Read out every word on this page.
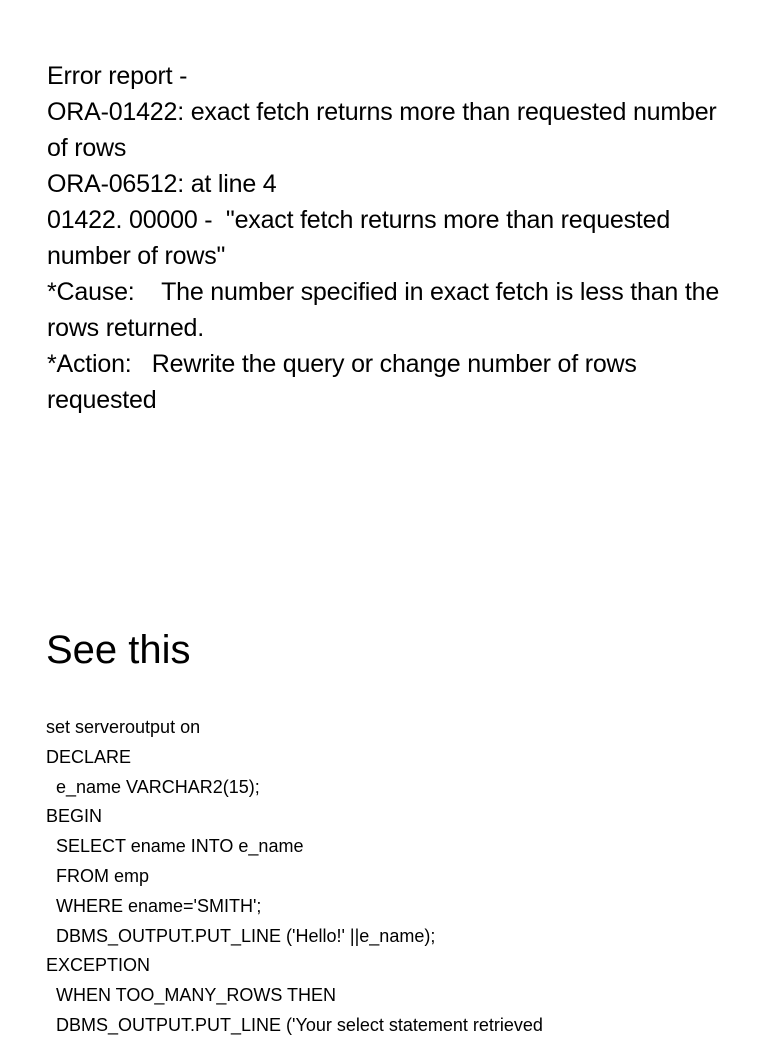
Error report -
ORA-01422: exact fetch returns more than requested number of rows
ORA-06512: at line 4
01422. 00000 -  "exact fetch returns more than requested number of rows"
*Cause:    The number specified in exact fetch is less than the rows returned.
*Action:   Rewrite the query or change number of rows requested
See this
set serveroutput on
DECLARE
e_name VARCHAR2(15);
BEGIN
SELECT ename INTO e_name
FROM emp
WHERE ename='SMITH';
DBMS_OUTPUT.PUT_LINE ('Hello!' ||e_name);
EXCEPTION
WHEN TOO_MANY_ROWS THEN
DBMS_OUTPUT.PUT_LINE ('Your select statement retrieved
